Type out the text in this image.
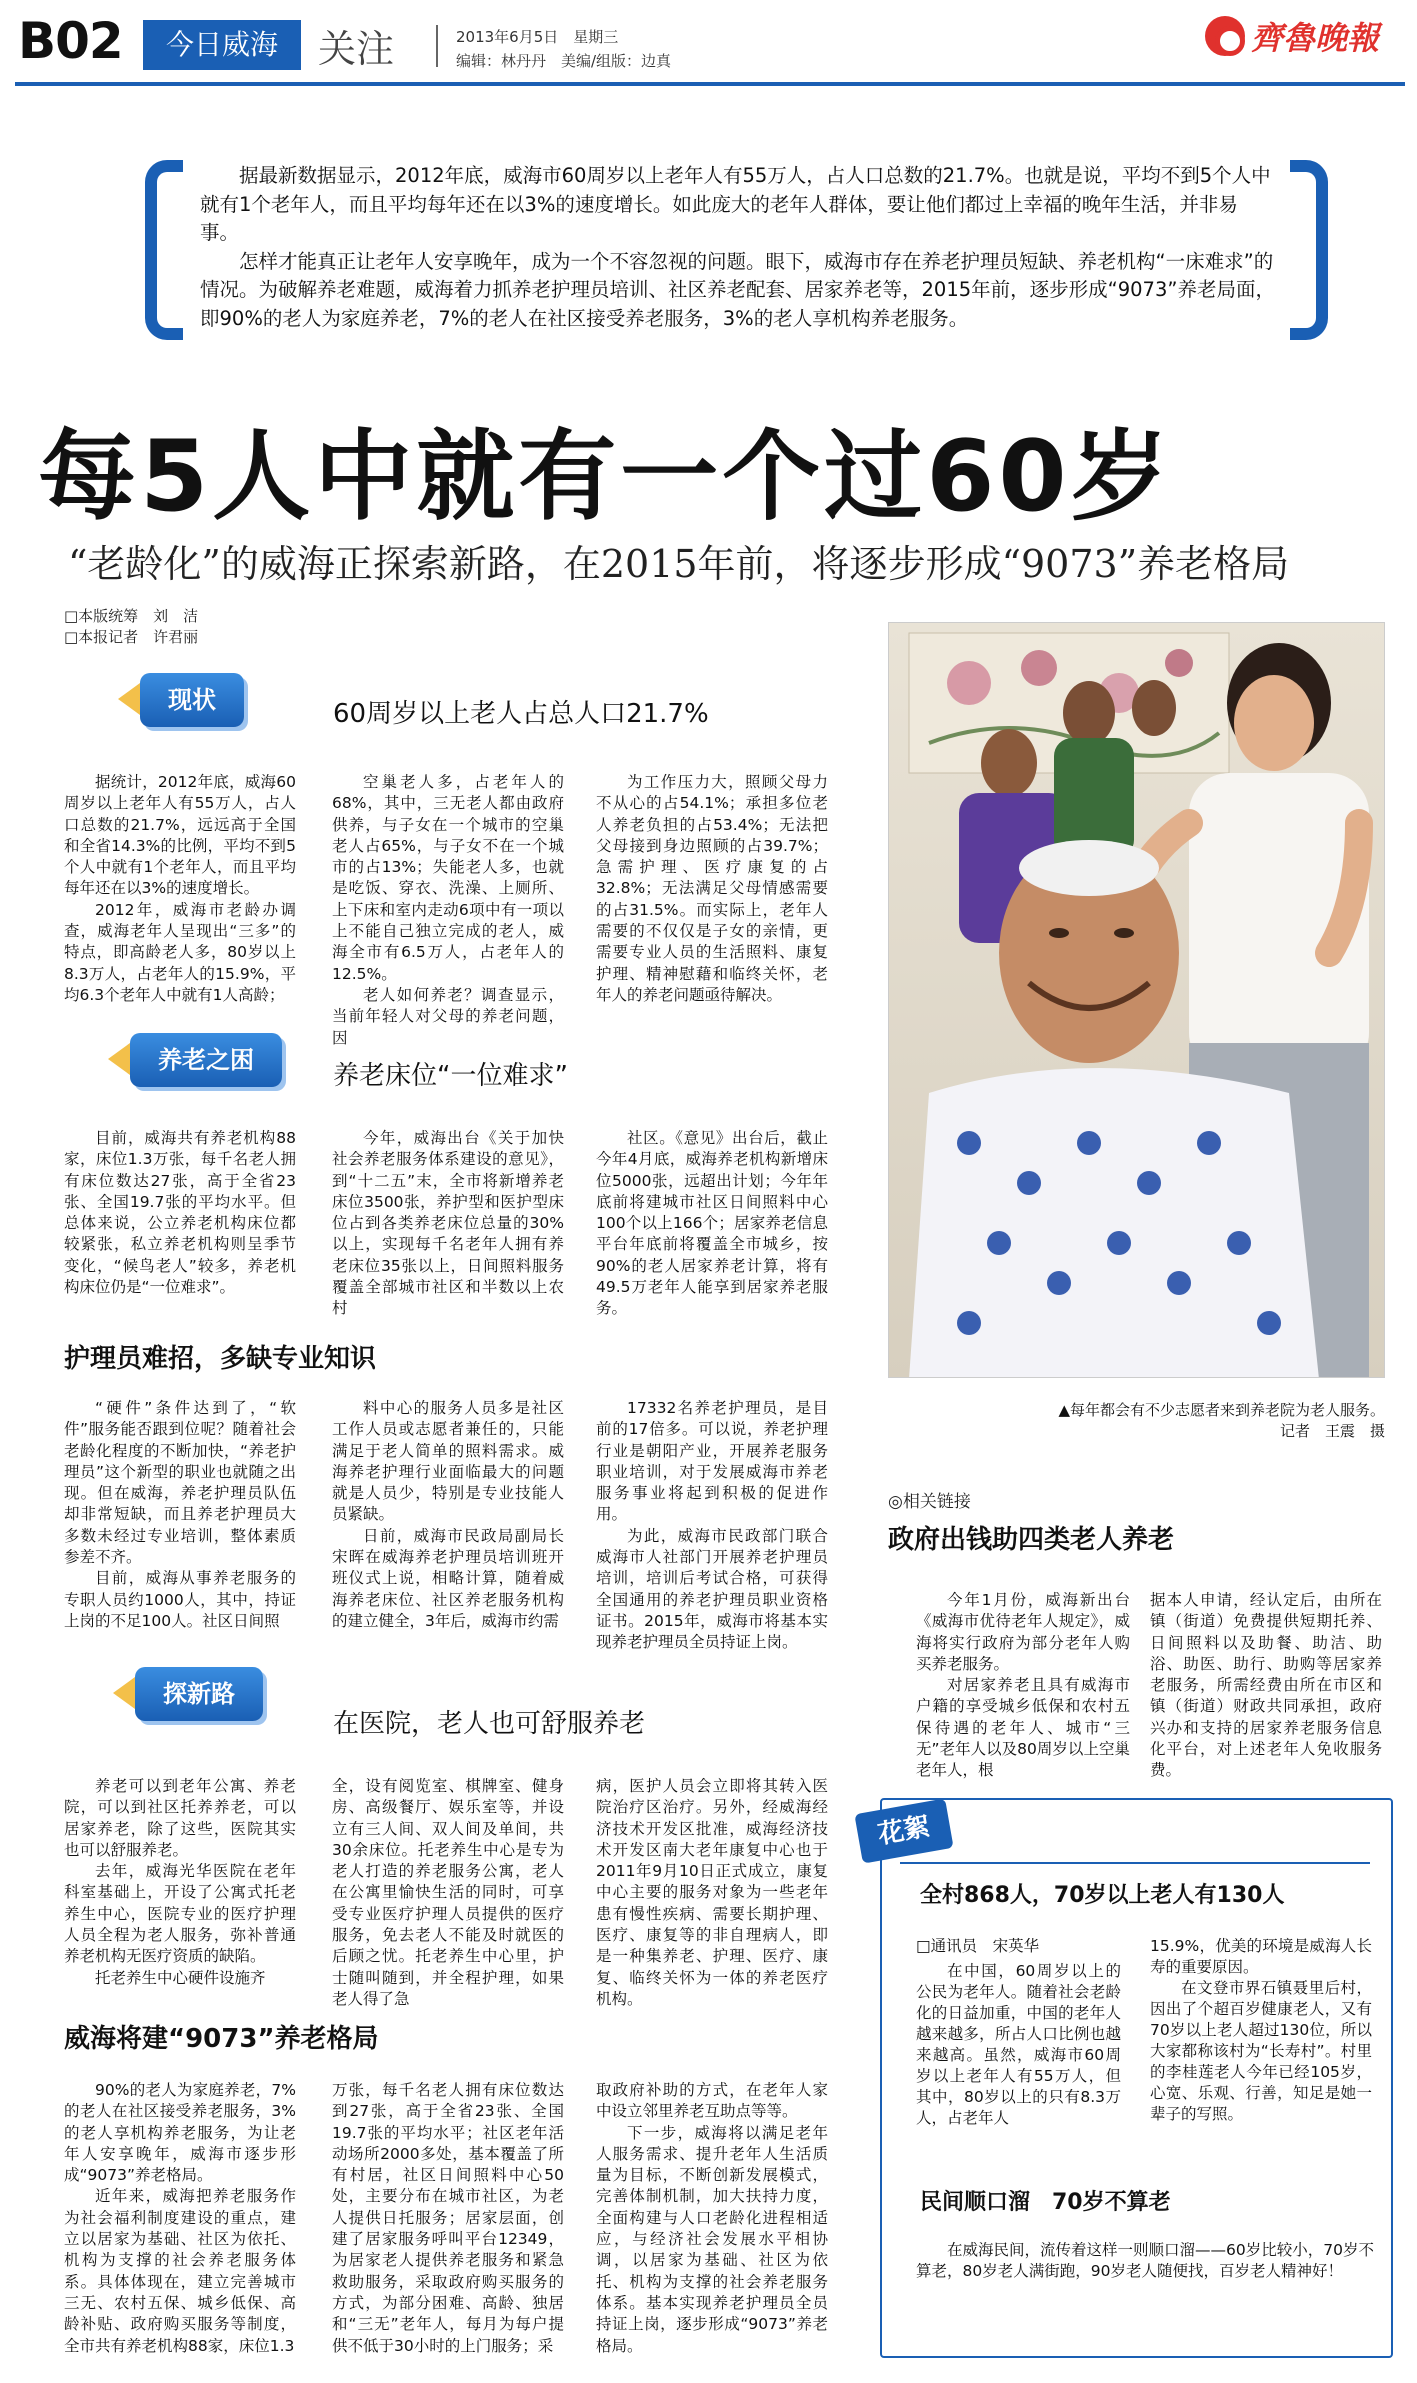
B02	今日威海	关注	2013年6月5日　星期三
编辑：林丹丹　美编/组版：边真
齊魯晚報

据最新数据显示，2012年底，威海市60周岁以上老年人有55万人，占人口总数的21.7%。也就是说，平均不到5个人中就有1个老年人，而且平均每年还在以3%的速度增长。如此庞大的老年人群体，要让他们都过上幸福的晚年生活，并非易事。

怎样才能真正让老年人安享晚年，成为一个不容忽视的问题。眼下，威海市存在养老护理员短缺、养老机构“一床难求”的情况。为破解养老难题，威海着力抓养老护理员培训、社区养老配套、居家养老等，2015年前，逐步形成“9073”养老局面，即90%的老人为家庭养老，7%的老人在社区接受养老服务，3%的老人享机构养老服务。

每5人中就有一个过60岁
“老龄化”的威海正探索新路，在2015年前，将逐步形成“9073”养老格局
□本版统筹　刘　洁
□本报记者　许君丽
现状	60周岁以上老人占总人口21.7%

据统计，2012年底，威海60周岁以上老年人有55万人，占人口总数的21.7%，远远高于全国和全省14.3%的比例，平均不到5个人中就有1个老年人，而且平均每年还在以3%的速度增长。

2012年，威海市老龄办调查，威海老年人呈现出“三多”的特点，即高龄老人多，80岁以上8.3万人，占老年人的15.9%，平均6.3个老年人中就有1人高龄；

空巢老人多，占老年人的68%，其中，三无老人都由政府供养，与子女在一个城市的空巢老人占65%，与子女不在一个城市的占13%；失能老人多，也就是吃饭、穿衣、洗澡、上厕所、上下床和室内走动6项中有一项以上不能自己独立完成的老人，威海全市有6.5万人，占老年人的12.5%。

老人如何养老？调查显示，当前年轻人对父母的养老问题，因

为工作压力大，照顾父母力不从心的占54.1%；承担多位老人养老负担的占53.4%；无法把父母接到身边照顾的占39.7%；急需护理、医疗康复的占32.8%；无法满足父母情感需要的占31.5%。而实际上，老年人需要的不仅仅是子女的亲情，更需要专业人员的生活照料、康复护理、精神慰藉和临终关怀，老年人的养老问题亟待解决。

养老之困
养老床位“一位难求”

目前，威海共有养老机构88家，床位1.3万张，每千名老人拥有床位数达27张，高于全省23张、全国19.7张的平均水平。但总体来说，公立养老机构床位都较紧张，私立养老机构则呈季节变化，“候鸟老人”较多，养老机构床位仍是“一位难求”。

今年，威海出台《关于加快社会养老服务体系建设的意见》，到“十二五”末，全市将新增养老床位3500张，养护型和医护型床位占到各类养老床位总量的30%以上，实现每千名老年人拥有养老床位35张以上，日间照料服务覆盖全部城市社区和半数以上农村

社区。《意见》出台后，截止今年4月底，威海养老机构新增床位5000张，远超出计划；今年年底前将建城市社区日间照料中心100个以上166个；居家养老信息平台年底前将覆盖全市城乡，按90%的老人居家养老计算，将有49.5万老年人能享到居家养老服务。

护理员难招，多缺专业知识

“硬件”条件达到了，“软件”服务能否跟到位呢？随着社会老龄化程度的不断加快，“养老护理员”这个新型的职业也就随之出现。但在威海，养老护理员队伍却非常短缺，而且养老护理员大多数未经过专业培训，整体素质参差不齐。

目前，威海从事养老服务的专职人员约1000人，其中，持证上岗的不足100人。社区日间照

料中心的服务人员多是社区工作人员或志愿者兼任的，只能满足于老人简单的照料需求。威海养老护理行业面临最大的问题就是人员少，特别是专业技能人员紧缺。

日前，威海市民政局副局长宋晖在威海养老护理员培训班开班仪式上说，相略计算，随着威海养老床位、社区养老服务机构的建立健全，3年后，威海市约需

17332名养老护理员，是目前的17倍多。可以说，养老护理行业是朝阳产业，开展养老服务职业培训，对于发展威海市养老服务事业将起到积极的促进作用。

为此，威海市民政部门联合威海市人社部门开展养老护理员培训，培训后考试合格，可获得全国通用的养老护理员职业资格证书。2015年，威海市将基本实现养老护理员全员持证上岗。

探新路
在医院，老人也可舒服养老

养老可以到老年公寓、养老院，可以到社区托养养老，可以居家养老，除了这些，医院其实也可以舒服养老。

去年，威海光华医院在老年科室基础上，开设了公寓式托老养生中心，医院专业的医疗护理人员全程为老人服务，弥补普通养老机构无医疗资质的缺陷。

托老养生中心硬件设施齐

全，设有阅览室、棋牌室、健身房、高级餐厅、娱乐室等，并设立有三人间、双人间及单间，共30余床位。托老养生中心是专为老人打造的养老服务公寓，老人在公寓里愉快生活的同时，可享受专业医疗护理人员提供的医疗服务，免去老人不能及时就医的后顾之忧。托老养生中心里，护士随叫随到，并全程护理，如果老人得了急

病，医护人员会立即将其转入医院治疗区治疗。另外，经威海经济技术开发区批准，威海经济技术开发区南大老年康复中心也于2011年9月10日正式成立，康复中心主要的服务对象为一些老年患有慢性疾病、需要长期护理、医疗、康复等的非自理病人，即是一种集养老、护理、医疗、康复、临终关怀为一体的养老医疗机构。

威海将建“9073”养老格局

90%的老人为家庭养老，7%的老人在社区接受养老服务，3%的老人享机构养老服务，为让老年人安享晚年，威海市逐步形成“9073”养老格局。

近年来，威海把养老服务作为社会福利制度建设的重点，建立以居家为基础、社区为依托、机构为支撑的社会养老服务体系。具体体现在，建立完善城市三无、农村五保、城乡低保、高龄补贴、政府购买服务等制度，全市共有养老机构88家，床位1.3

万张，每千名老人拥有床位数达到27张，高于全省23张、全国19.7张的平均水平；社区老年活动场所2000多处，基本覆盖了所有村居，社区日间照料中心50处，主要分布在城市社区，为老人提供日托服务；居家层面，创建了居家服务呼叫平台12349，为居家老人提供养老服务和紧急救助服务，采取政府购买服务的方式，为部分困难、高龄、独居和“三无”老年人，每月为每户提供不低于30小时的上门服务；采

取政府补助的方式，在老年人家中设立邻里养老互助点等等。

下一步，威海将以满足老年人服务需求、提升老年人生活质量为目标，不断创新发展模式，完善体制机制，加大扶持力度，全面构建与人口老龄化进程相适应，与经济社会发展水平相协调，以居家为基础、社区为依托、机构为支撑的社会养老服务体系。基本实现养老护理员全员持证上岗，逐步形成“9073”养老格局。

▲每年都会有不少志愿者来到养老院为老人服务。
记者　王震　摄
◎相关链接
政府出钱助四类老人养老

今年1月份，威海新出台《威海市优待老年人规定》，威海将实行政府为部分老年人购买养老服务。

对居家养老且具有威海市户籍的享受城乡低保和农村五保待遇的老年人、城市“三无”老年人以及80周岁以上空巢老年人，根

据本人申请，经认定后，由所在镇（街道）免费提供短期托养、日间照料以及助餐、助洁、助浴、助医、助行、助购等居家养老服务，所需经费由所在市区和镇（街道）财政共同承担，政府兴办和支持的居家养老服务信息化平台，对上述老年人免收服务费。

花絮
全村868人，70岁以上老人有130人
□通讯员　宋英华

在中国，60周岁以上的公民为老年人。随着社会老龄化的日益加重，中国的老年人越来越多，所占人口比例也越来越高。虽然，威海市60周岁以上老年人有55万人，但其中，80岁以上的只有8.3万人，占老年人

15.9%，优美的环境是威海人长寿的重要原因。

在文登市界石镇聂里后村，因出了个超百岁健康老人，又有70岁以上老人超过130位，所以大家都称该村为“长寿村”。村里的李桂莲老人今年已经105岁，心宽、乐观、行善，知足是她一辈子的写照。

民间顺口溜　70岁不算老

在威海民间，流传着这样一则顺口溜——60岁比较小，70岁不算老，80岁老人满街跑，90岁老人随便找，百岁老人精神好！
